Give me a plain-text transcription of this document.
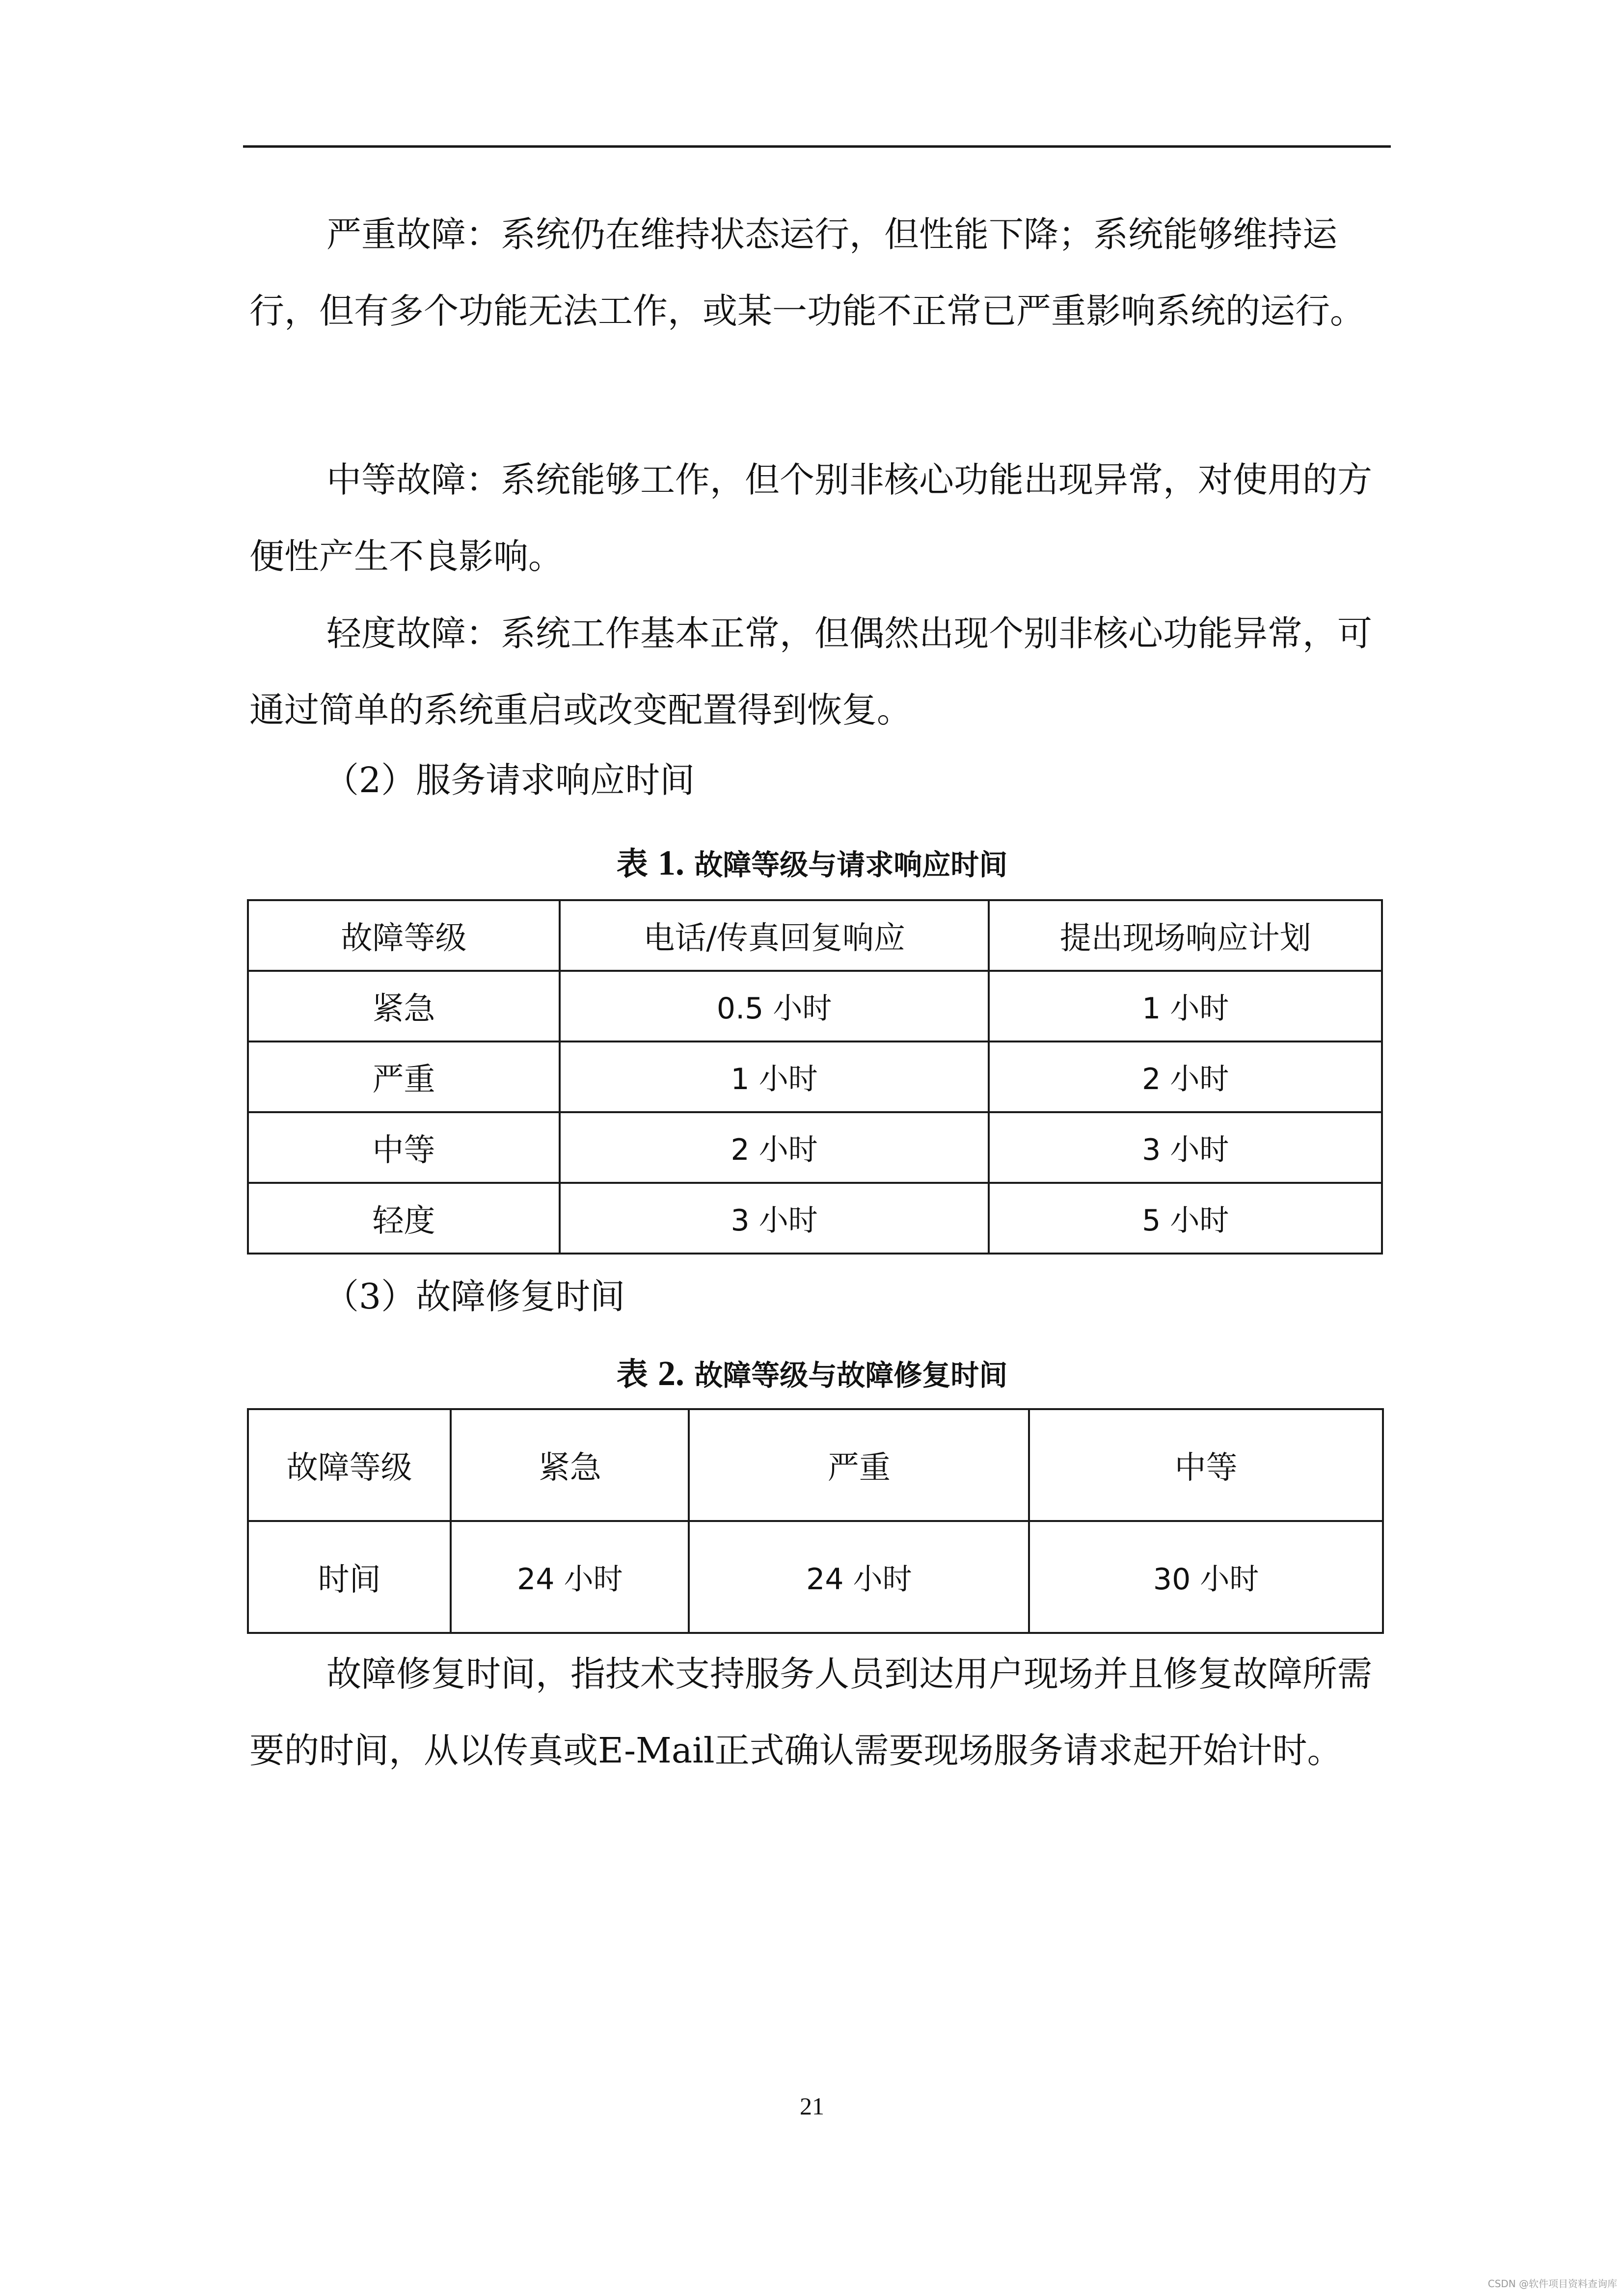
严重故障：系统仍在维持状态运行，但性能下降；系统能够维持运行，但有多个功能无法工作，或某一功能不正常已严重影响系统的运行。

中等故障：系统能够工作，但个别非核心功能出现异常，对使用的方便性产生不良影响。

轻度故障：系统工作基本正常，但偶然出现个别非核心功能异常，可通过简单的系统重启或改变配置得到恢复。

（2）服务请求响应时间

表 1. 故障等级与请求响应时间
故障等级	电话/传真回复响应	提出现场响应计划
紧急	0.5 小时	1 小时
严重	1 小时	2 小时
中等	2 小时	3 小时
轻度	3 小时	5 小时

（3）故障修复时间

表 2. 故障等级与故障修复时间
故障等级	紧急	严重	中等
时间	24 小时	24 小时	30 小时

故障修复时间，指技术支持服务人员到达用户现场并且修复故障所需要的时间，从以传真或E-Mail正式确认需要现场服务请求起开始计时。

21
CSDN @软件项目资料查询库
